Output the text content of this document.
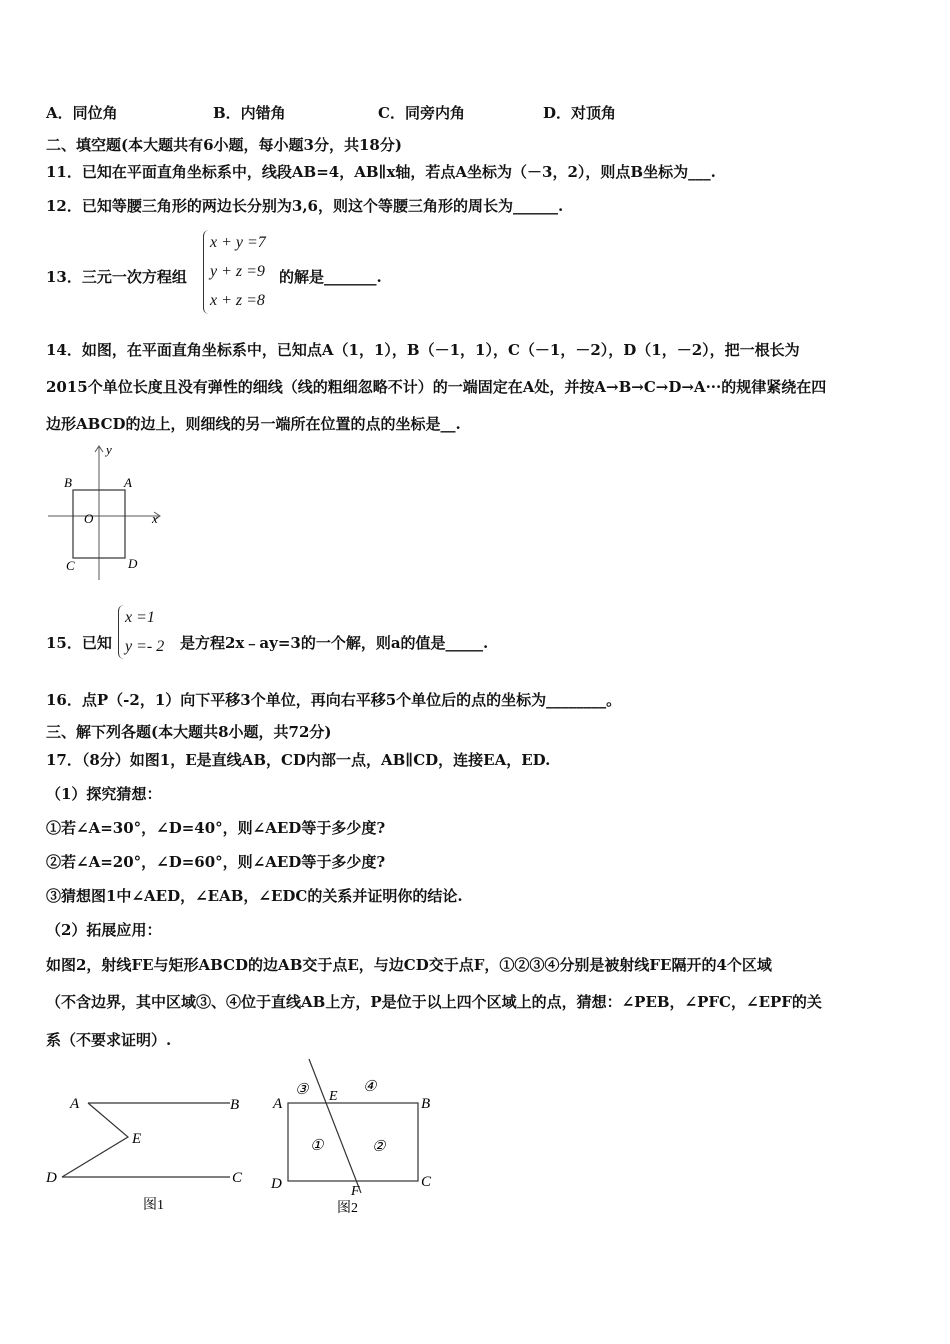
A．同位角	B．内错角	C．同旁内角	D．对顶角
二、填空题(本大题共有6小题，每小题3分，共18分)
11．已知在平面直角坐标系中，线段AB=4，AB∥x轴，若点A坐标为（－3，2），则点B坐标为___.
12．已知等腰三角形的两边长分别为3,6，则这个等腰三角形的周长为______.
13．三元一次方程组
x + y =7
y + z =9
x + z =8
的解是_______.
14．如图，在平面直角坐标系中，已知点A（1，1），B（－1，1），C（－1，－2），D（1，－2），把一根长为
2015个单位长度且没有弹性的细线（线的粗细忽略不计）的一端固定在A处，并按A→B→C→D→A···的规律紧绕在四
边形ABCD的边上，则细线的另一端所在位置的点的坐标是__.
B	A
O	x
y
C	D
15．已知
x =1
y =- 2 是方程2x﹣ay=3的一个解，则a的值是_____.
16．点P（-2，1）向下平移3个单位，再向右平移5个单位后的点的坐标为________。
三、解下列各题(本大题共8小题，共72分)
17．（8分）如图1，E是直线AB，CD内部一点，AB∥CD，连接EA，ED.
（1）探究猜想：
①若∠A=30°，∠D=40°，则∠AED等于多少度?
②若∠A=20°，∠D=60°，则∠AED等于多少度?
③猜想图1中∠AED，∠EAB，∠EDC的关系并证明你的结论.
（2）拓展应用：
如图2，射线FE与矩形ABCD的边AB交于点E，与边CD交于点F，①②③④分别是被射线FE隔开的4个区域
（不含边界，其中区域③、④位于直线AB上方，P是位于以上四个区域上的点，猜想：∠PEB，∠PFC，∠EPF的关
系（不要求证明）.
A	B
E
D	C
图1
③ E
④
A	B
①	②
D	C
F
图2
